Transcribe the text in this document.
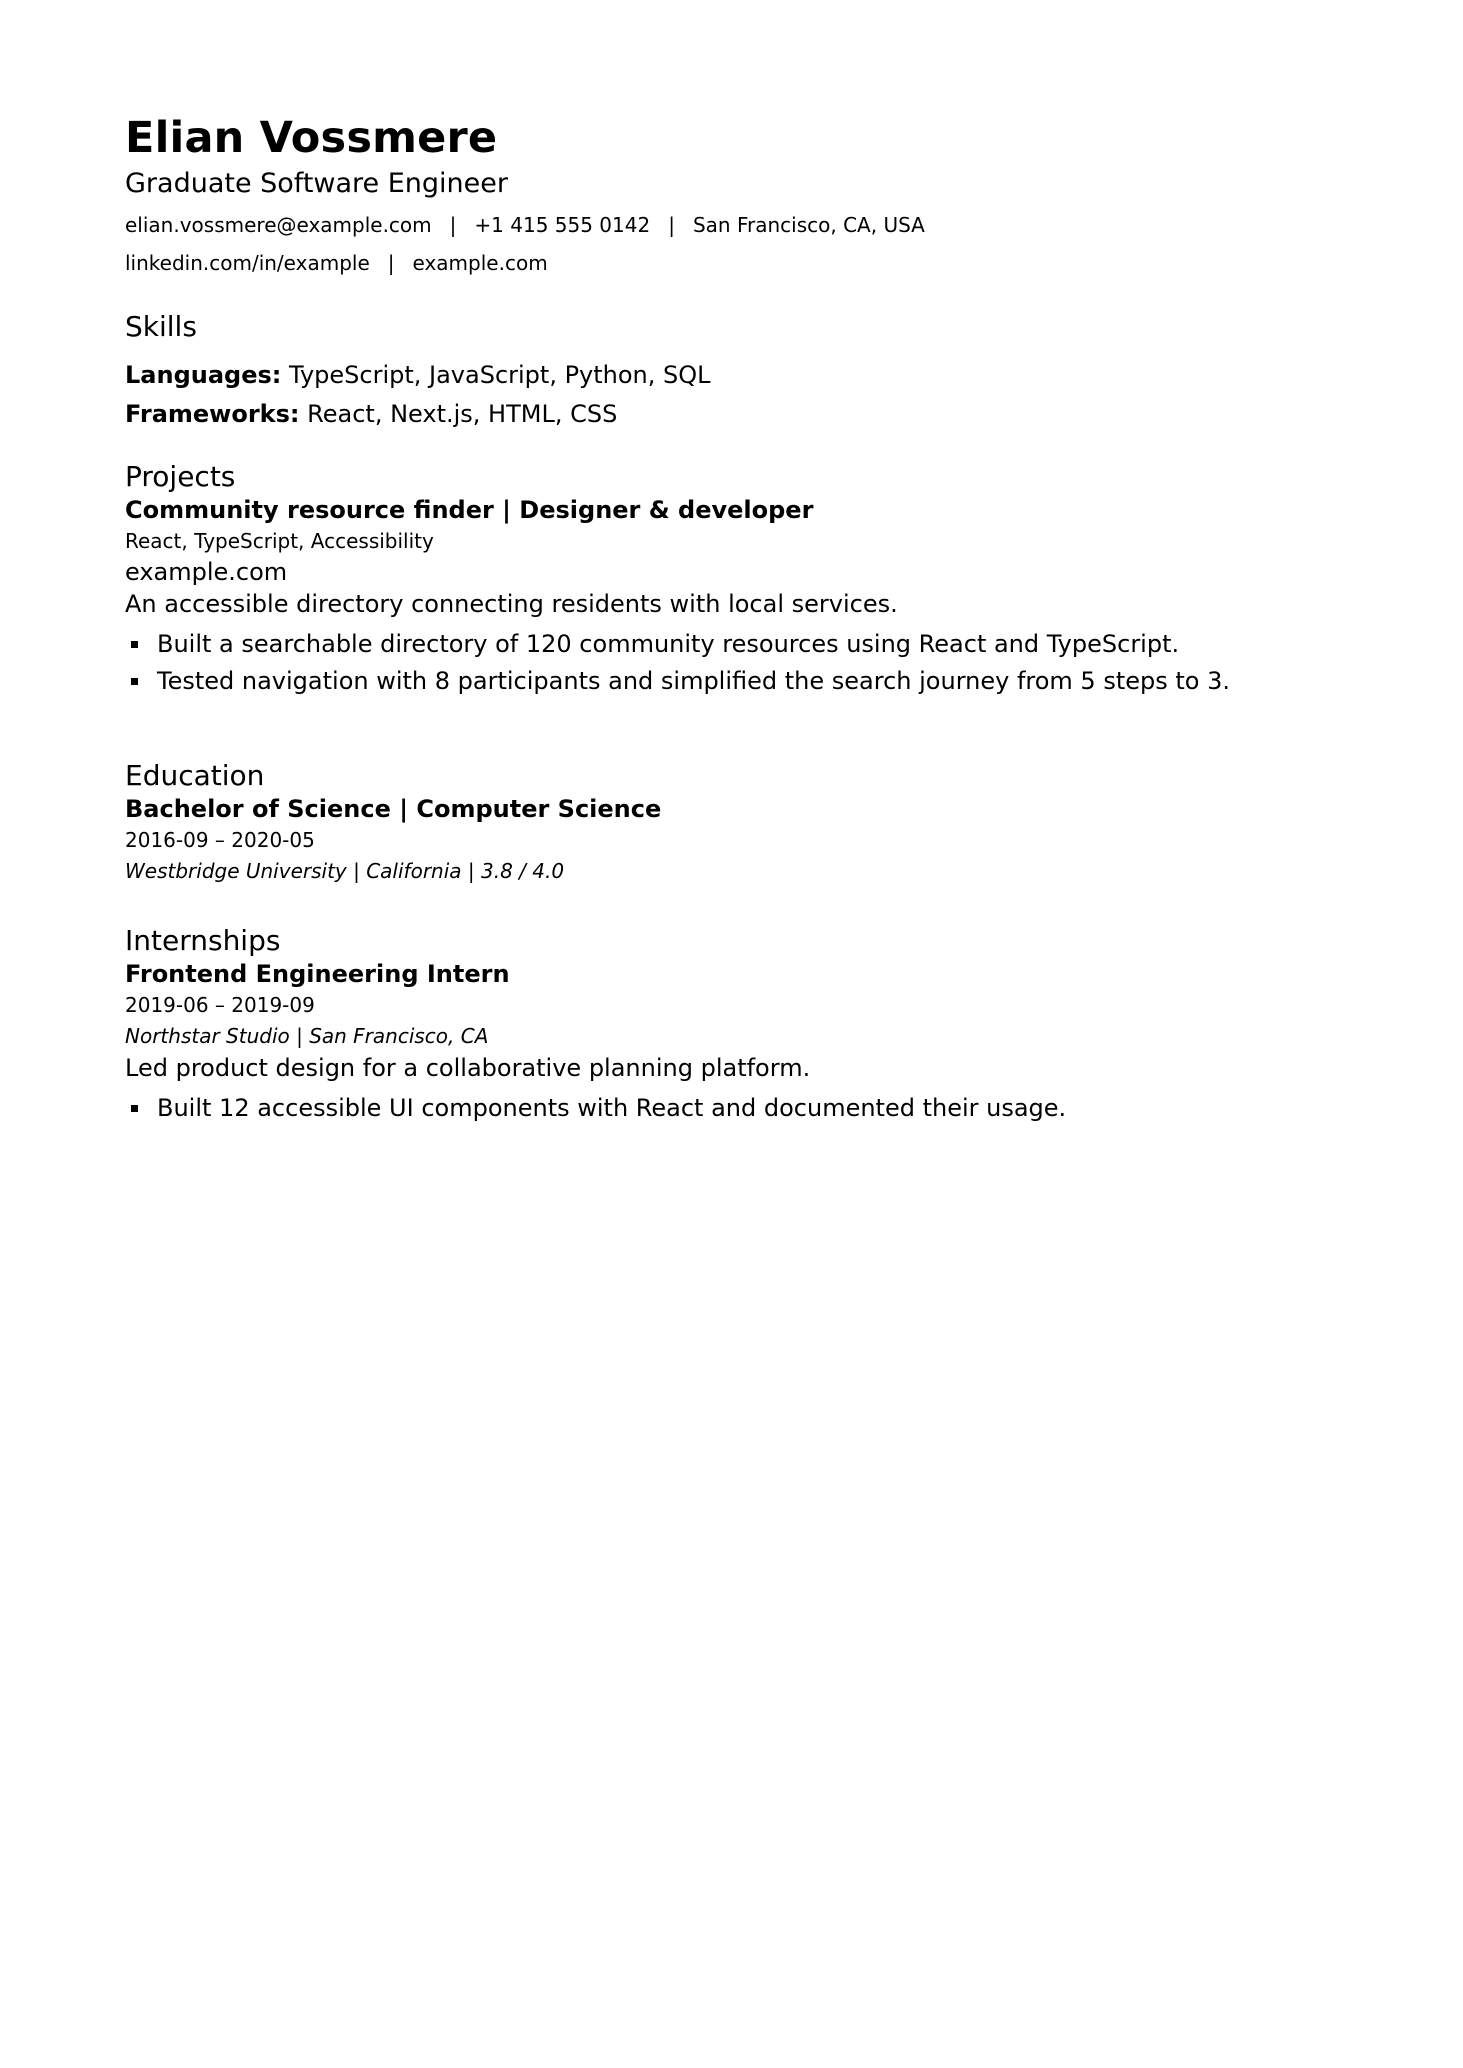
Elian Vossmere
Graduate Software Engineer
elian.vossmere@example.com | +1 415 555 0142 | San Francisco, CA, USA
linkedin.com/in/example | example.com
Skills
Languages: TypeScript, JavaScript, Python, SQL
Frameworks: React, Next.js, HTML, CSS
Projects
Community resource finder | Designer & developer
React, TypeScript, Accessibility
example.com
An accessible directory connecting residents with local services.
Built a searchable directory of 120 community resources using React and TypeScript.
Tested navigation with 8 participants and simplified the search journey from 5 steps to 3.
Education
Bachelor of Science | Computer Science
2016-09 – 2020-05
Westbridge University | California | 3.8 / 4.0
Internships
Frontend Engineering Intern
2019-06 – 2019-09
Northstar Studio | San Francisco, CA
Led product design for a collaborative planning platform.
Built 12 accessible UI components with React and documented their usage.
